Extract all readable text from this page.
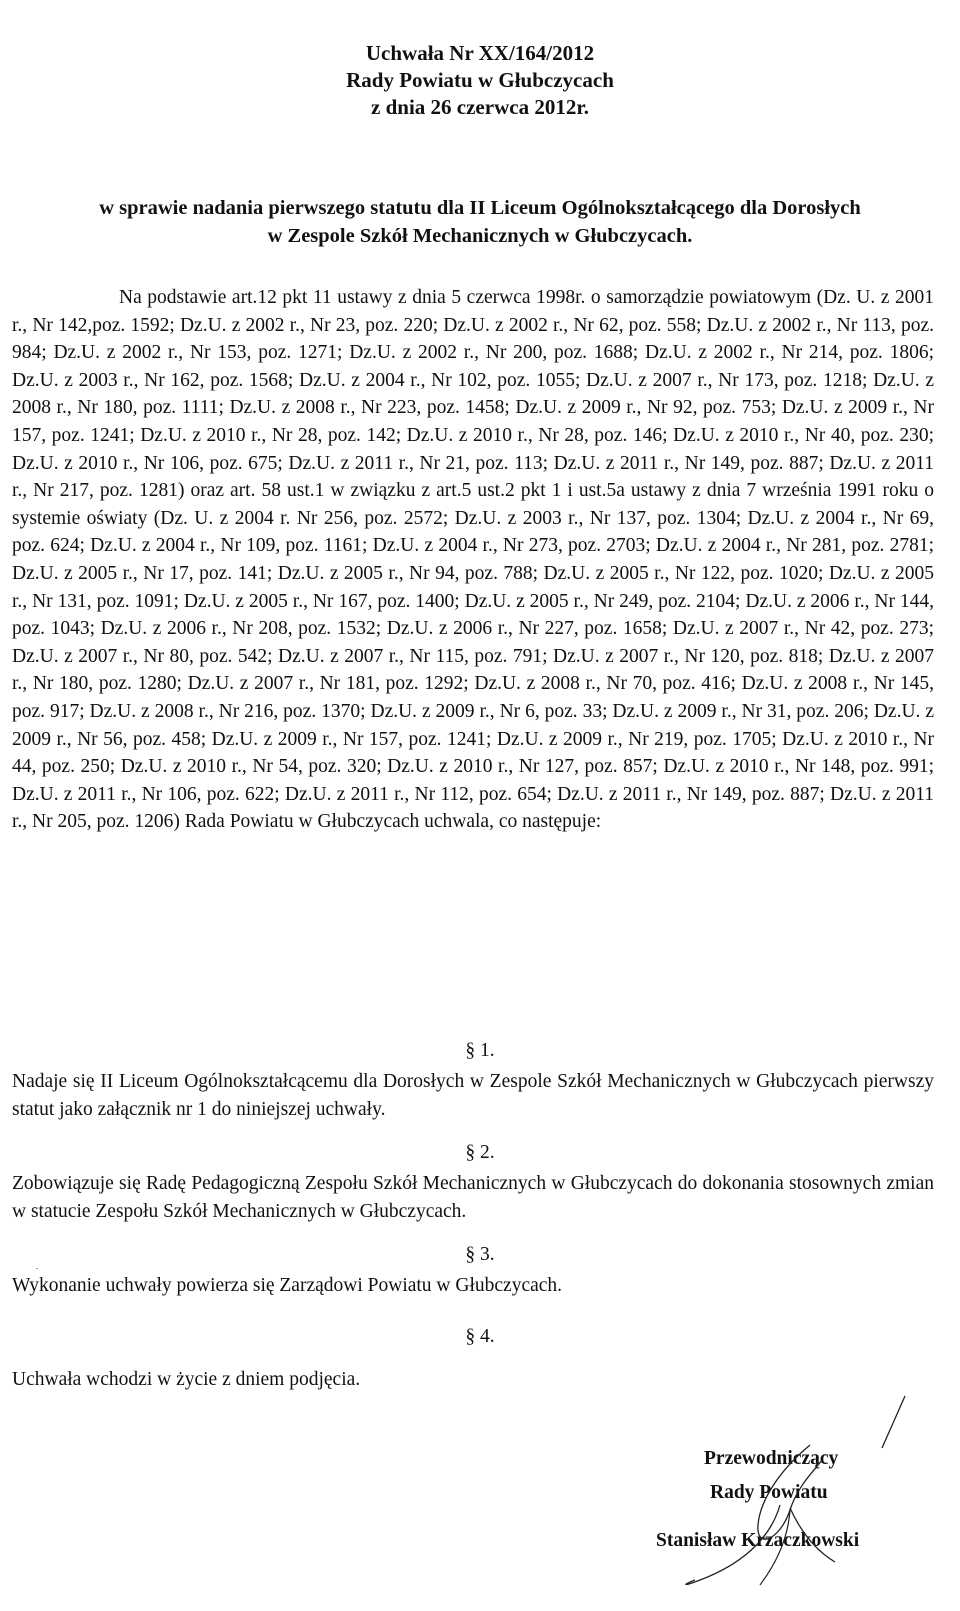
Uchwała Nr XX/164/2012
Rady Powiatu w Głubczycach
z dnia 26 czerwca 2012r.
w sprawie nadania pierwszego statutu dla II Liceum Ogólnokształcącego dla Dorosłych
w Zespole Szkół Mechanicznych w Głubczycach.

Na podstawie art.12 pkt 11 ustawy z dnia 5 czerwca 1998r. o samorządzie powiatowym (Dz. U. z 2001 r., Nr 142,poz. 1592; Dz.U. z 2002 r., Nr 23, poz. 220; Dz.U. z 2002 r., Nr 62, poz. 558; Dz.U. z 2002 r., Nr 113, poz. 984; Dz.U. z 2002 r., Nr 153, poz. 1271; Dz.U. z 2002 r., Nr 200, poz. 1688; Dz.U. z 2002 r., Nr 214, poz. 1806; Dz.U. z 2003 r., Nr 162, poz. 1568; Dz.U. z 2004 r., Nr 102, poz. 1055; Dz.U. z 2007 r., Nr 173, poz. 1218; Dz.U. z 2008 r., Nr 180, poz. 1111; Dz.U. z 2008 r., Nr 223, poz. 1458; Dz.U. z 2009 r., Nr 92, poz. 753; Dz.U. z 2009 r., Nr 157, poz. 1241; Dz.U. z 2010 r., Nr 28, poz. 142; Dz.U. z 2010 r., Nr 28, poz. 146; Dz.U. z 2010 r., Nr 40, poz. 230; Dz.U. z 2010 r., Nr 106, poz. 675; Dz.U. z 2011 r., Nr 21, poz. 113; Dz.U. z 2011 r., Nr 149, poz. 887; Dz.U. z 2011 r., Nr 217, poz. 1281) oraz art. 58 ust.1 w związku z art.5 ust.2 pkt 1 i ust.5a ustawy z dnia 7 września 1991 roku o systemie oświaty (Dz. U. z 2004 r. Nr 256, poz. 2572; Dz.U. z 2003 r., Nr 137, poz. 1304; Dz.U. z 2004 r., Nr 69, poz. 624; Dz.U. z 2004 r., Nr 109, poz. 1161; Dz.U. z 2004 r., Nr 273, poz. 2703; Dz.U. z 2004 r., Nr 281, poz. 2781; Dz.U. z 2005 r., Nr 17, poz. 141; Dz.U. z 2005 r., Nr 94, poz. 788; Dz.U. z 2005 r., Nr 122, poz. 1020; Dz.U. z 2005 r., Nr 131, poz. 1091; Dz.U. z 2005 r., Nr 167, poz. 1400; Dz.U. z 2005 r., Nr 249, poz. 2104; Dz.U. z 2006 r., Nr 144, poz. 1043; Dz.U. z 2006 r., Nr 208, poz. 1532; Dz.U. z 2006 r., Nr 227, poz. 1658; Dz.U. z 2007 r., Nr 42, poz. 273; Dz.U. z 2007 r., Nr 80, poz. 542; Dz.U. z 2007 r., Nr 115, poz. 791; Dz.U. z 2007 r., Nr 120, poz. 818; Dz.U. z 2007 r., Nr 180, poz. 1280; Dz.U. z 2007 r., Nr 181, poz. 1292; Dz.U. z 2008 r., Nr 70, poz. 416; Dz.U. z 2008 r., Nr 145, poz. 917; Dz.U. z 2008 r., Nr 216, poz. 1370; Dz.U. z 2009 r., Nr 6, poz. 33; Dz.U. z 2009 r., Nr 31, poz. 206; Dz.U. z 2009 r., Nr 56, poz. 458; Dz.U. z 2009 r., Nr 157, poz. 1241; Dz.U. z 2009 r., Nr 219, poz. 1705; Dz.U. z 2010 r., Nr 44, poz. 250; Dz.U. z 2010 r., Nr 54, poz. 320; Dz.U. z 2010 r., Nr 127, poz. 857; Dz.U. z 2010 r., Nr 148, poz. 991; Dz.U. z 2011 r., Nr 106, poz. 622; Dz.U. z 2011 r., Nr 112, poz. 654; Dz.U. z 2011 r., Nr 149, poz. 887; Dz.U. z 2011 r., Nr 205, poz. 1206) Rada Powiatu w Głubczycach uchwala, co następuje:

§ 1.

Nadaje się II Liceum Ogólnokształcącemu dla Dorosłych w Zespole Szkół Mechanicznych w Głubczycach pierwszy statut jako załącznik nr 1 do niniejszej uchwały.

§ 2.

Zobowiązuje się Radę Pedagogiczną Zespołu Szkół Mechanicznych w Głubczycach do dokonania stosownych zmian w statucie Zespołu Szkół Mechanicznych w Głubczycach.

§ 3.

Wykonanie uchwały powierza się Zarządowi Powiatu w Głubczycach.

§ 4.

Uchwała wchodzi w życie z dniem podjęcia.

Przewodniczący
Rady Powiatu
Stanisław Krzaczkowski
